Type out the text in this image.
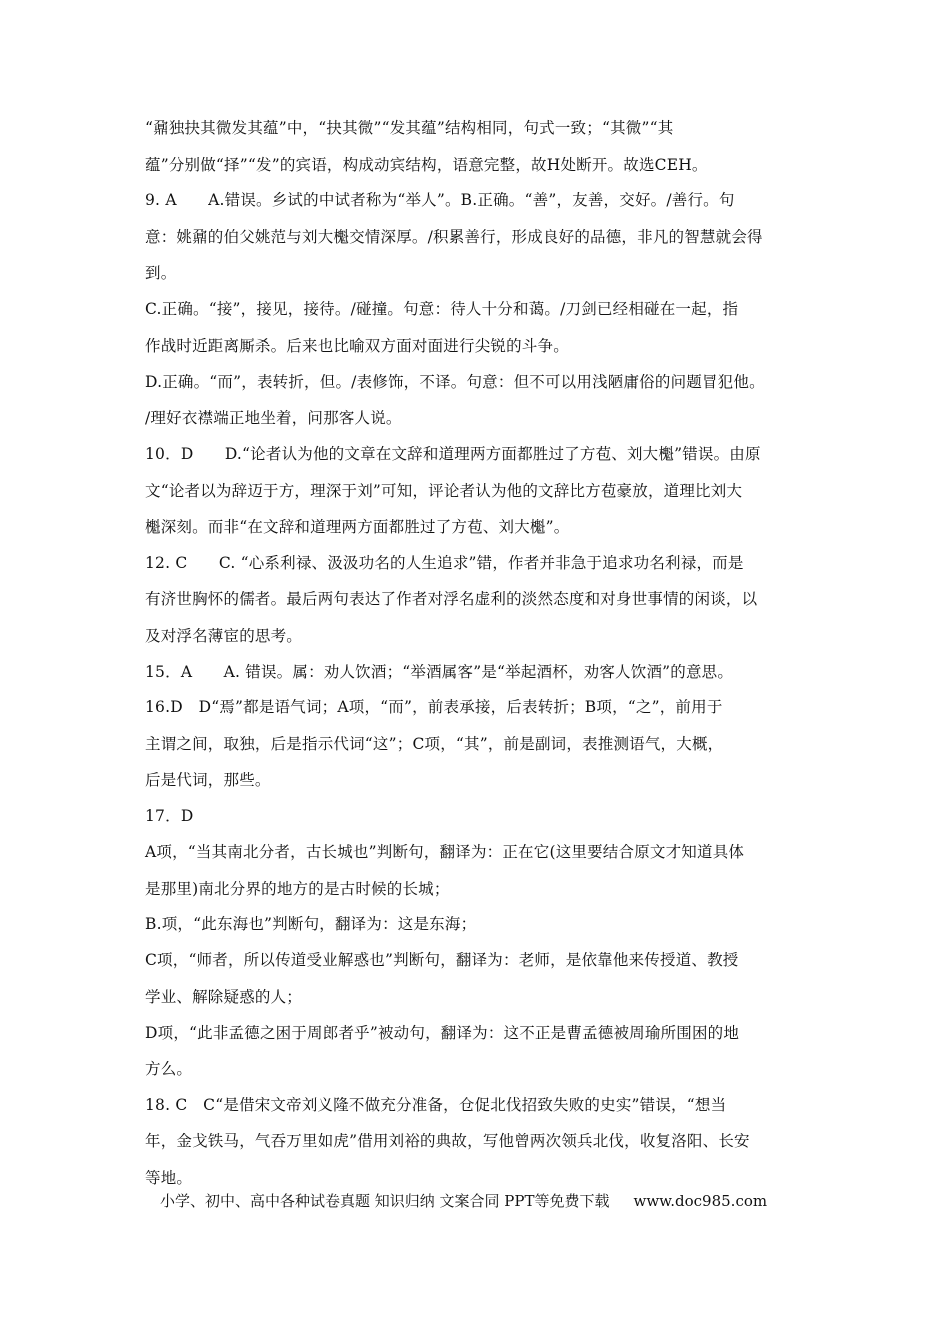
“鼐独抉其微发其蕴”中，“抉其微”“发其蕴”结构相同，句式一致；“其微”“其
蕴”分别做“择”“发”的宾语，构成动宾结构，语意完整，故H处断开。故选CEH。
9. A　　A.错误。乡试的中试者称为“举人”。B.正确。“善”，友善，交好。/善行。句
意：姚鼐的伯父姚范与刘大櫆交情深厚。/积累善行，形成良好的品德，非凡的智慧就会得
到。
C.正确。“接”，接见，接待。/碰撞。句意：待人十分和蔼。/刀剑已经相碰在一起，指
作战时近距离厮杀。后来也比喻双方面对面进行尖锐的斗争。
D.正确。“而”，表转折，但。/表修饰，不译。句意：但不可以用浅陋庸俗的问题冒犯他。
/理好衣襟端正地坐着，问那客人说。
10．D　　D.“论者认为他的文章在文辞和道理两方面都胜过了方苞、刘大櫆”错误。由原
文“论者以为辞迈于方，理深于刘”可知，评论者认为他的文辞比方苞豪放，道理比刘大
櫆深刻。而非“在文辞和道理两方面都胜过了方苞、刘大櫆”。
12. C　　C. “心系利禄、汲汲功名的人生追求”错，作者并非急于追求功名利禄，而是
有济世胸怀的儒者。最后两句表达了作者对浮名虚利的淡然态度和对身世事情的闲谈，以
及对浮名薄宦的思考。
15．A　　A. 错误。属：劝人饮酒；“举酒属客”是“举起酒杯，劝客人饮酒”的意思。
16.D　D“焉”都是语气词；A项，“而”，前表承接，后表转折；B项，“之”，前用于
主谓之间，取独，后是指示代词“这”；C项，“其”，前是副词，表推测语气，大概，
后是代词，那些。
17．D
A项，“当其南北分者，古长城也”判断句，翻译为：正在它(这里要结合原文才知道具体
是那里)南北分界的地方的是古时候的长城；
B.项，“此东海也”判断句，翻译为：这是东海；
C项，“师者，所以传道受业解惑也”判断句，翻译为：老师，是依靠他来传授道、教授
学业、解除疑惑的人；
D项，“此非孟德之困于周郎者乎”被动句，翻译为：这不正是曹孟德被周瑜所围困的地
方么。
18. C　C“是借宋文帝刘义隆不做充分准备，仓促北伐招致失败的史实”错误，“想当
年，金戈铁马，气吞万里如虎”借用刘裕的典故，写他曾两次领兵北伐，收复洛阳、长安
等地。
小学、初中、高中各种试卷真题 知识归纳 文案合同 PPT等免费下载 www.doc985.com
